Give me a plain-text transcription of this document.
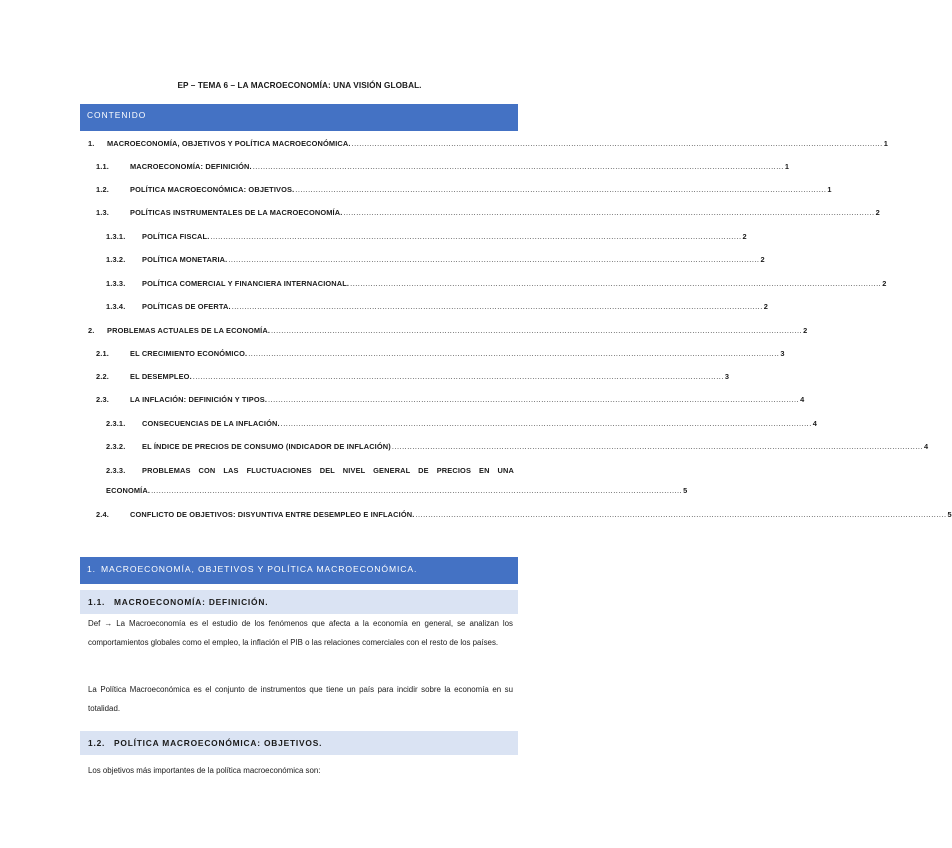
EP – TEMA 6 – LA MACROECONOMÍA: UNA VISIÓN GLOBAL.
CONTENIDO
1.	MACROECONOMÍA, OBJETIVOS Y POLÍTICA MACROECONÓMICA. ................................................................................................................................................................................................................ 1
1.1.	MACROECONOMÍA: DEFINICIÓN. ................................................................................................................................................................................................................ 1
1.2.	POLÍTICA MACROECONÓMICA: OBJETIVOS. ................................................................................................................................................................................................................ 1
1.3.	POLÍTICAS INSTRUMENTALES DE LA MACROECONOMÍA. ................................................................................................................................................................................................................ 2
1.3.1.	POLÍTICA FISCAL. ................................................................................................................................................................................................................ 2
1.3.2.	POLÍTICA MONETARIA. ................................................................................................................................................................................................................ 2
1.3.3.	POLÍTICA COMERCIAL Y FINANCIERA INTERNACIONAL. ................................................................................................................................................................................................................ 2
1.3.4.	POLÍTICAS DE OFERTA. ................................................................................................................................................................................................................ 2
2.	PROBLEMAS ACTUALES DE LA ECONOMÍA. ................................................................................................................................................................................................................ 2
2.1.	EL CRECIMIENTO ECONÓMICO. ................................................................................................................................................................................................................ 3
2.2.	EL DESEMPLEO. ................................................................................................................................................................................................................ 3
2.3.	LA INFLACIÓN: DEFINICIÓN Y TIPOS. ................................................................................................................................................................................................................ 4
2.3.1.	CONSECUENCIAS DE LA INFLACIÓN. ................................................................................................................................................................................................................ 4
2.3.2.	EL ÍNDICE DE PRECIOS DE CONSUMO (INDICADOR DE INFLACIÓN) ................................................................................................................................................................................................................ 4
2.3.3. PROBLEMAS CON LAS FLUCTUACIONES DEL NIVEL GENERAL DE PRECIOS EN UNA
ECONOMÍA. ................................................................................................................................................................................................................ 5
2.4.	CONFLICTO DE OBJETIVOS: DISYUNTIVA ENTRE DESEMPLEO E INFLACIÓN. ................................................................................................................................................................................................................ 5
1. MACROECONOMÍA, OBJETIVOS Y POLÍTICA MACROECONÓMICA.
1.1. MACROECONOMÍA: DEFINICIÓN.
Def → La Macroeconomía es el estudio de los fenómenos que afecta a la economía en general, se analizan los comportamientos globales como el empleo, la inflación el PIB o las relaciones comerciales con el resto de los países.
La Política Macroeconómica es el conjunto de instrumentos que tiene un país para incidir sobre la economía en su totalidad.
1.2. POLÍTICA MACROECONÓMICA: OBJETIVOS.
Los objetivos más importantes de la política macroeconómica son:
